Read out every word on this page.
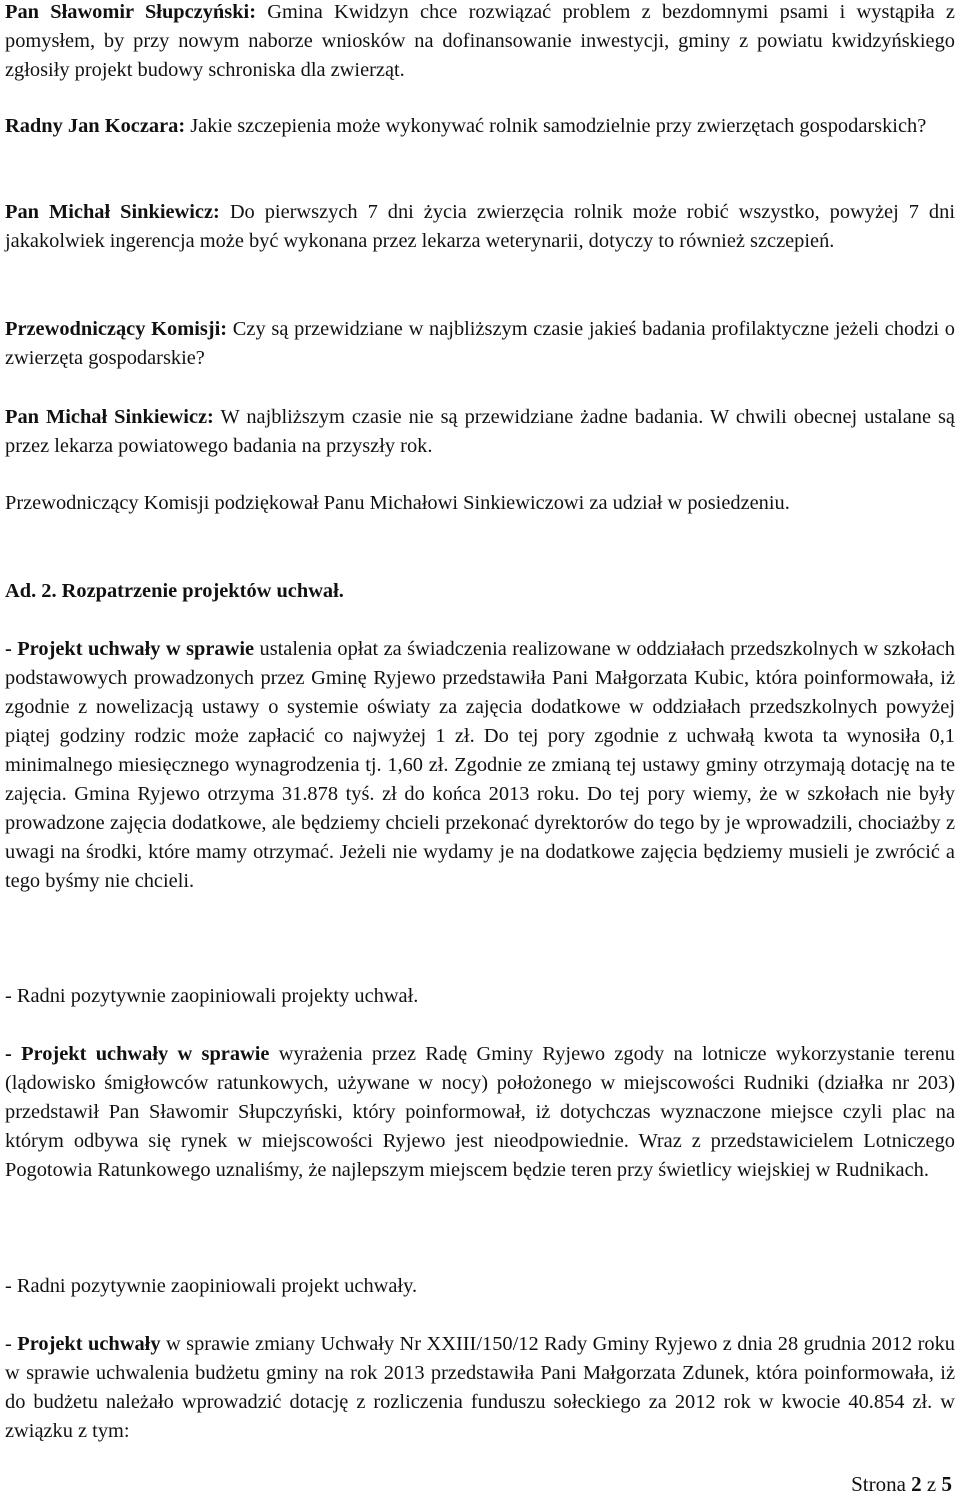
Pan Sławomir Słupczyński: Gmina Kwidzyn chce rozwiązać problem z bezdomnymi psami i wystąpiła z pomysłem, by przy nowym naborze wniosków na dofinansowanie inwestycji, gminy z powiatu kwidzyńskiego zgłosiły projekt budowy schroniska dla zwierząt.

Radny Jan Koczara: Jakie szczepienia może wykonywać rolnik samodzielnie przy zwierzętach gospodarskich?

Pan Michał Sinkiewicz: Do pierwszych 7 dni życia zwierzęcia rolnik może robić wszystko, powyżej 7 dni jakakolwiek ingerencja może być wykonana przez lekarza weterynarii, dotyczy to również szczepień.

Przewodniczący Komisji: Czy są przewidziane w najbliższym czasie jakieś badania profilaktyczne jeżeli chodzi o zwierzęta gospodarskie?

Pan Michał Sinkiewicz: W najbliższym czasie nie są przewidziane żadne badania. W chwili obecnej ustalane są przez lekarza powiatowego badania na przyszły rok.

Przewodniczący Komisji podziękował Panu Michałowi Sinkiewiczowi za udział w posiedzeniu.

Ad. 2. Rozpatrzenie projektów uchwał.

- Projekt uchwały w sprawie ustalenia opłat za świadczenia realizowane w oddziałach przedszkolnych w szkołach podstawowych prowadzonych przez Gminę Ryjewo przedstawiła Pani Małgorzata Kubic, która poinformowała, iż zgodnie z nowelizacją ustawy o systemie oświaty za zajęcia dodatkowe w oddziałach przedszkolnych powyżej piątej godziny rodzic może zapłacić co najwyżej 1 zł. Do tej pory zgodnie z uchwałą kwota ta wynosiła 0,1 minimalnego miesięcznego wynagrodzenia tj. 1,60 zł. Zgodnie ze zmianą tej ustawy gminy otrzymają dotację na te zajęcia. Gmina Ryjewo otrzyma 31.878 tyś. zł do końca 2013 roku. Do tej pory wiemy, że w szkołach nie były prowadzone zajęcia dodatkowe, ale będziemy chcieli przekonać dyrektorów do tego by je wprowadzili, chociażby z uwagi na środki, które mamy otrzymać. Jeżeli nie wydamy je na dodatkowe zajęcia będziemy musieli je zwrócić a tego byśmy nie chcieli.

- Radni pozytywnie zaopiniowali projekty uchwał.

- Projekt uchwały w sprawie wyrażenia przez Radę Gminy Ryjewo zgody na lotnicze wykorzystanie terenu (lądowisko śmigłowców ratunkowych, używane w nocy) położonego w miejscowości Rudniki (działka nr 203) przedstawił Pan Sławomir Słupczyński, który poinformował, iż dotychczas wyznaczone miejsce czyli plac na którym odbywa się rynek w miejscowości Ryjewo jest nieodpowiednie. Wraz z przedstawicielem Lotniczego Pogotowia Ratunkowego uznaliśmy, że najlepszym miejscem będzie teren przy świetlicy wiejskiej w Rudnikach.

- Radni pozytywnie zaopiniowali projekt uchwały.

- Projekt uchwały w sprawie zmiany Uchwały Nr XXIII/150/12 Rady Gminy Ryjewo z dnia 28 grudnia 2012 roku w sprawie uchwalenia budżetu gminy na rok 2013 przedstawiła Pani Małgorzata Zdunek, która poinformowała, iż do budżetu należało wprowadzić dotację z rozliczenia funduszu sołeckiego za 2012 rok w kwocie 40.854 zł. w związku z tym:

Strona 2 z 5
